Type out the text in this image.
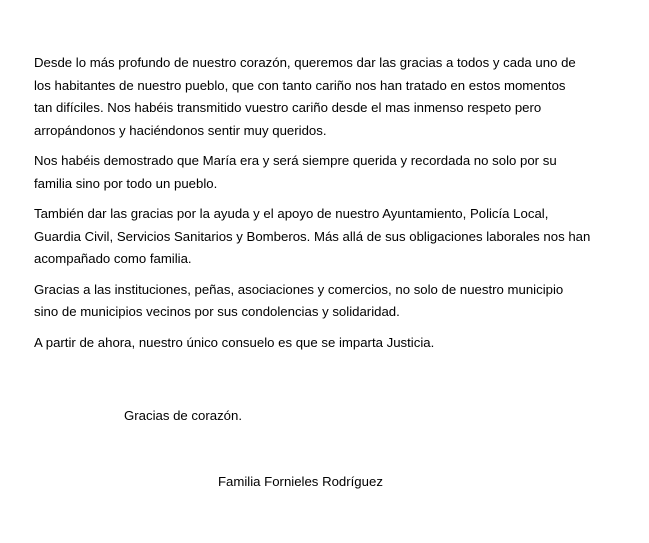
Desde lo más profundo de nuestro corazón, queremos dar las gracias a todos y cada uno de
los habitantes de nuestro pueblo, que con tanto cariño nos han tratado en estos momentos
tan difíciles. Nos habéis transmitido vuestro cariño desde el mas inmenso respeto pero
arropándonos y haciéndonos sentir muy queridos.

Nos habéis demostrado que María era y será siempre querida y recordada no solo por su
familia sino por todo un pueblo.

También dar las gracias por la ayuda y el apoyo de nuestro Ayuntamiento, Policía Local,
Guardia Civil, Servicios Sanitarios y Bomberos. Más allá de sus obligaciones laborales nos han
acompañado como familia.

Gracias a las instituciones, peñas, asociaciones y comercios, no solo de nuestro municipio
sino de municipios vecinos por sus condolencias y solidaridad.

A partir de ahora, nuestro único consuelo es que se imparta Justicia.

Gracias de corazón.
Familia Fornieles Rodríguez
